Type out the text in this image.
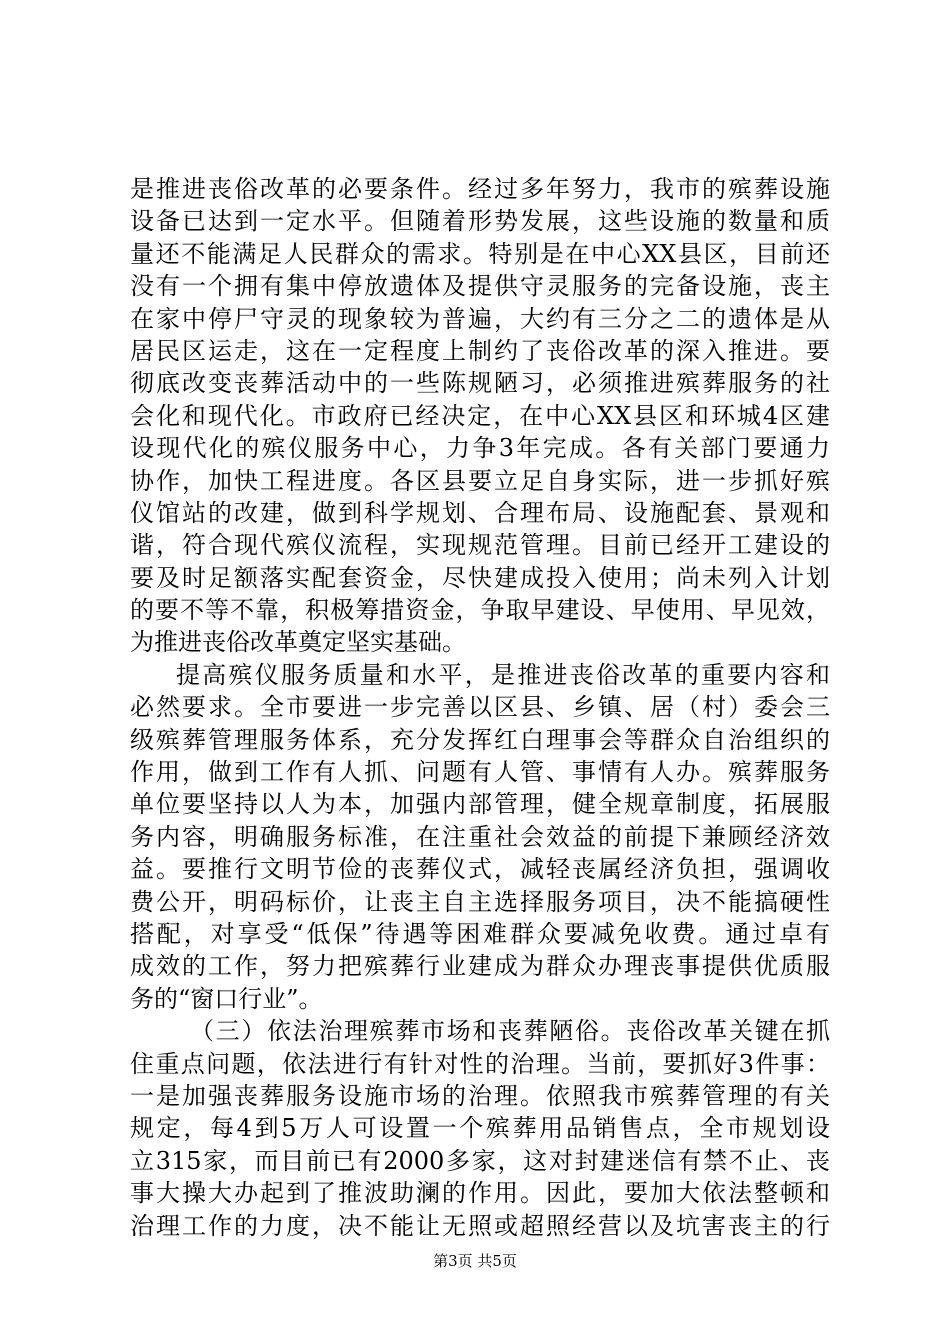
是推进丧俗改革的必要条件。经过多年努力，我市的殡葬设施
设备已达到一定水平。但随着形势发展，这些设施的数量和质
量还不能满足人民群众的需求。特别是在中心XX县区，目前还
没有一个拥有集中停放遗体及提供守灵服务的完备设施，丧主
在家中停尸守灵的现象较为普遍，大约有三分之二的遗体是从
居民区运走，这在一定程度上制约了丧俗改革的深入推进。要
彻底改变丧葬活动中的一些陈规陋习，必须推进殡葬服务的社
会化和现代化。市政府已经决定，在中心XX县区和环城4区建
设现代化的殡仪服务中心，力争3年完成。各有关部门要通力
协作，加快工程进度。各区县要立足自身实际，进一步抓好殡
仪馆站的改建，做到科学规划、合理布局、设施配套、景观和
谐，符合现代殡仪流程，实现规范管理。目前已经开工建设的
要及时足额落实配套资金，尽快建成投入使用；尚未列入计划
的要不等不靠，积极筹措资金，争取早建设、早使用、早见效，
为推进丧俗改革奠定坚实基础。
提高殡仪服务质量和水平，是推进丧俗改革的重要内容和
必然要求。全市要进一步完善以区县、乡镇、居（村）委会三
级殡葬管理服务体系，充分发挥红白理事会等群众自治组织的
作用，做到工作有人抓、问题有人管、事情有人办。殡葬服务
单位要坚持以人为本，加强内部管理，健全规章制度，拓展服
务内容，明确服务标准，在注重社会效益的前提下兼顾经济效
益。要推行文明节俭的丧葬仪式，减轻丧属经济负担，强调收
费公开，明码标价，让丧主自主选择服务项目，决不能搞硬性
搭配，对享受“低保”待遇等困难群众要减免收费。通过卓有
成效的工作，努力把殡葬行业建成为群众办理丧事提供优质服
务的“窗口行业”。
（三）依法治理殡葬市场和丧葬陋俗。丧俗改革关键在抓
住重点问题，依法进行有针对性的治理。当前，要抓好3件事：
一是加强丧葬服务设施市场的治理。依照我市殡葬管理的有关
规定，每4到5万人可设置一个殡葬用品销售点，全市规划设
立315家，而目前已有2000多家，这对封建迷信有禁不止、丧
事大操大办起到了推波助澜的作用。因此，要加大依法整顿和
治理工作的力度，决不能让无照或超照经营以及坑害丧主的行
第3页 共5页
